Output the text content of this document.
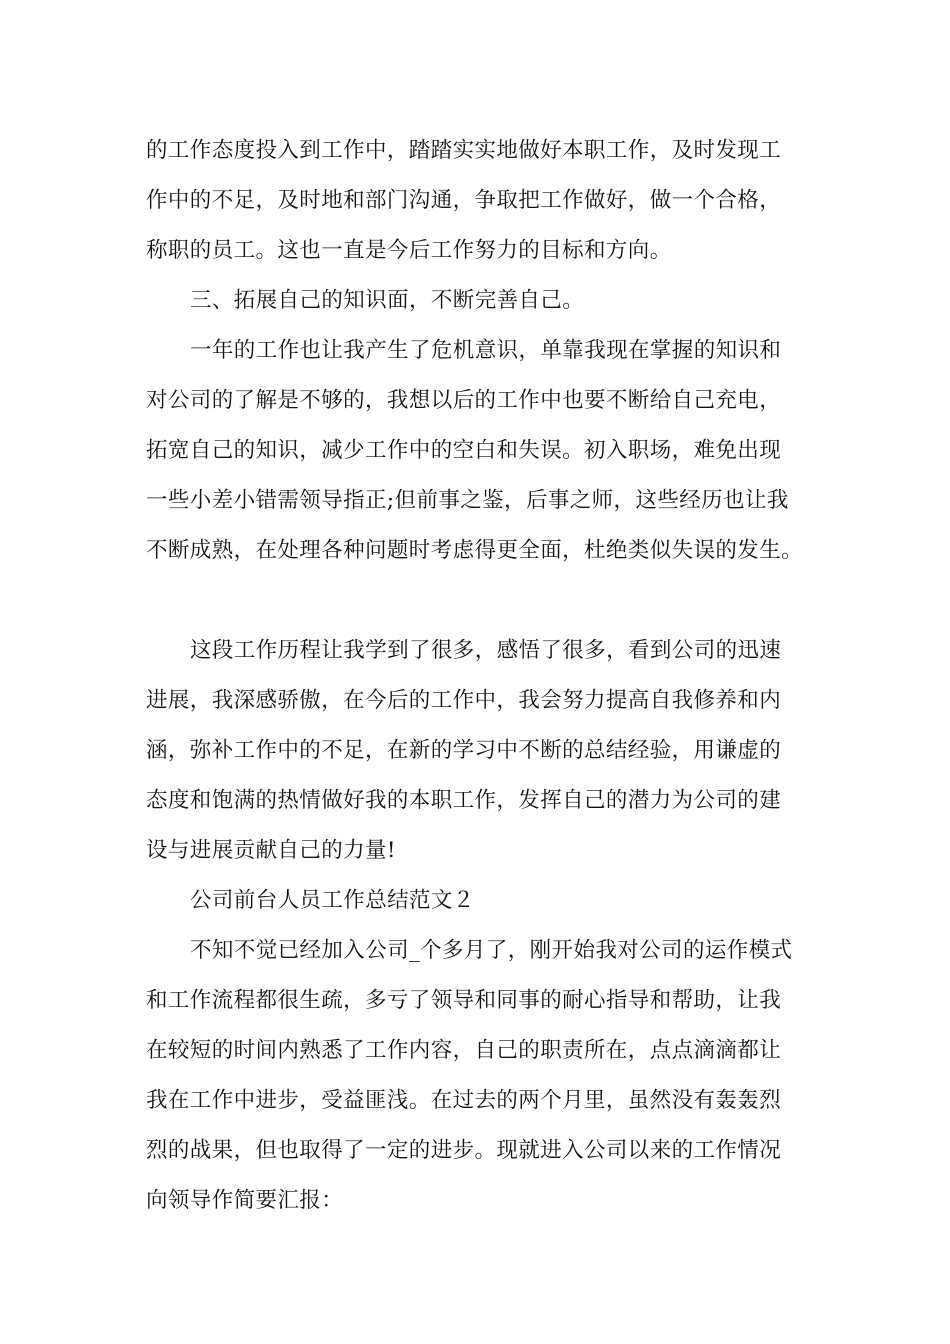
的工作态度投入到工作中，踏踏实实地做好本职工作，及时发现工
作中的不足，及时地和部门沟通，争取把工作做好，做一个合格，
称职的员工。这也一直是今后工作努力的目标和方向。
三、拓展自己的知识面，不断完善自己。
一年的工作也让我产生了危机意识，单靠我现在掌握的知识和
对公司的了解是不够的，我想以后的工作中也要不断给自己充电，
拓宽自己的知识，减少工作中的空白和失误。初入职场，难免出现
一些小差小错需领导指正;但前事之鉴，后事之师，这些经历也让我
不断成熟，在处理各种问题时考虑得更全面，杜绝类似失误的发生。
这段工作历程让我学到了很多，感悟了很多，看到公司的迅速
进展，我深感骄傲，在今后的工作中，我会努力提高自我修养和内
涵，弥补工作中的不足，在新的学习中不断的总结经验，用谦虚的
态度和饱满的热情做好我的本职工作，发挥自己的潜力为公司的建
设与进展贡献自己的力量!
公司前台人员工作总结范文２
不知不觉已经加入公司_个多月了，刚开始我对公司的运作模式
和工作流程都很生疏，多亏了领导和同事的耐心指导和帮助，让我
在较短的时间内熟悉了工作内容，自己的职责所在，点点滴滴都让
我在工作中进步，受益匪浅。在过去的两个月里，虽然没有轰轰烈
烈的战果，但也取得了一定的进步。现就进入公司以来的工作情况
向领导作简要汇报：
